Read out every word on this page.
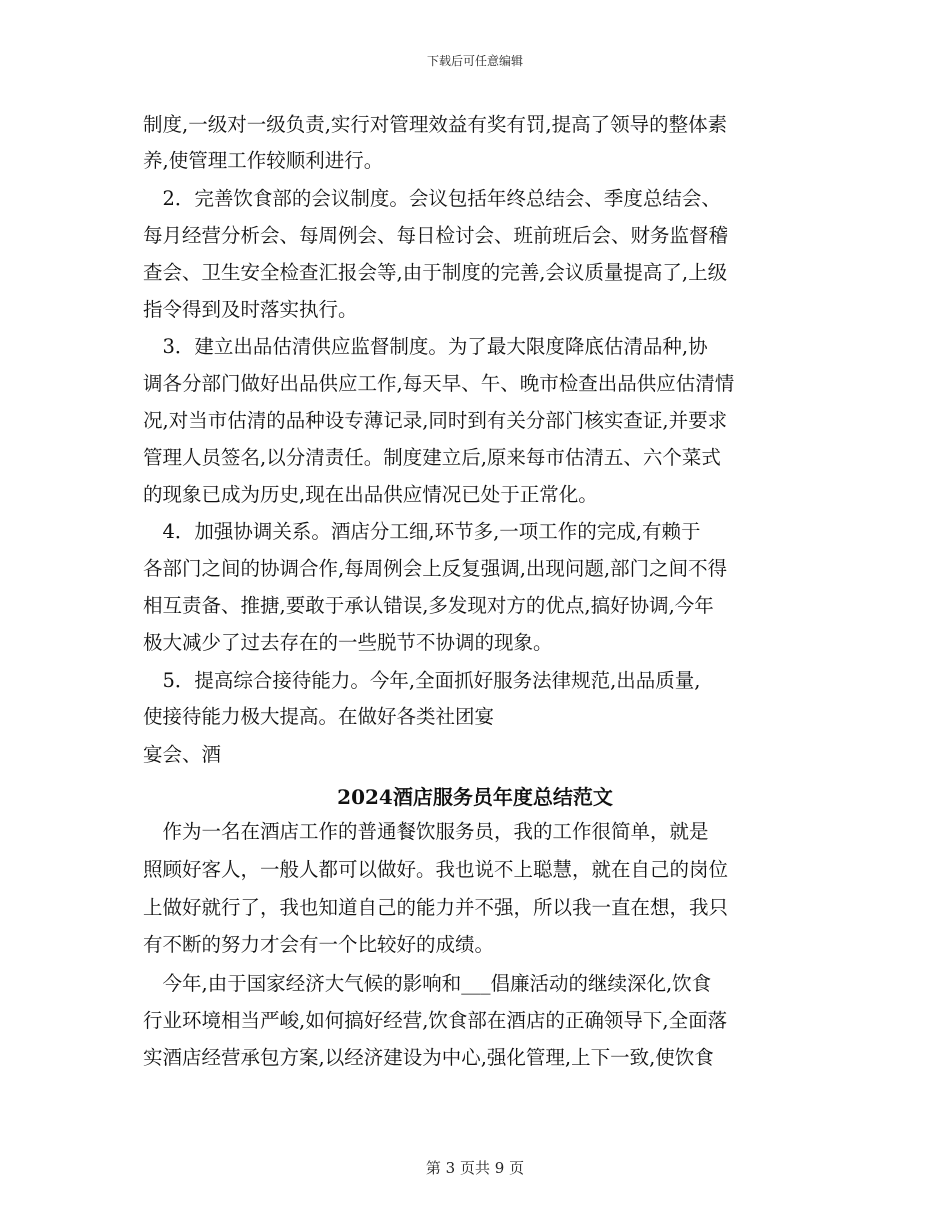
下载后可任意编辑
制度,一级对一级负责,实行对管理效益有奖有罚,提高了领导的整体素
养,使管理工作较顺利进行。
　2．完善饮食部的会议制度。会议包括年终总结会、季度总结会、
每月经营分析会、每周例会、每日检讨会、班前班后会、财务监督稽
查会、卫生安全检查汇报会等,由于制度的完善,会议质量提高了,上级
指令得到及时落实执行。
　3．建立出品估清供应监督制度。为了最大限度降底估清品种,协
调各分部门做好出品供应工作,每天早、午、晚市检查出品供应估清情
况,对当市估清的品种设专薄记录,同时到有关分部门核实查证,并要求
管理人员签名,以分清责任。制度建立后,原来每市估清五、六个菜式
的现象已成为历史,现在出品供应情况已处于正常化。
　4．加强协调关系。酒店分工细,环节多,一项工作的完成,有赖于
各部门之间的协调合作,每周例会上反复强调,出现问题,部门之间不得
相互责备、推搪,要敢于承认错误,多发现对方的优点,搞好协调,今年
极大减少了过去存在的一些脱节不协调的现象。
　5．提高综合接待能力。今年,全面抓好服务法律规范,出品质量,
使接待能力极大提高。在做好各类社团宴
宴会、酒
2024酒店服务员年度总结范文
　作为一名在酒店工作的普通餐饮服务员，我的工作很简单，就是
照顾好客人，一般人都可以做好。我也说不上聪慧，就在自己的岗位
上做好就行了，我也知道自己的能力并不强，所以我一直在想，我只
有不断的努力才会有一个比较好的成绩。
　今年,由于国家经济大气候的影响和___倡廉活动的继续深化,饮食
行业环境相当严峻,如何搞好经营,饮食部在酒店的正确领导下,全面落
实酒店经营承包方案,以经济建设为中心,强化管理,上下一致,使饮食
第 3 页共 9 页
